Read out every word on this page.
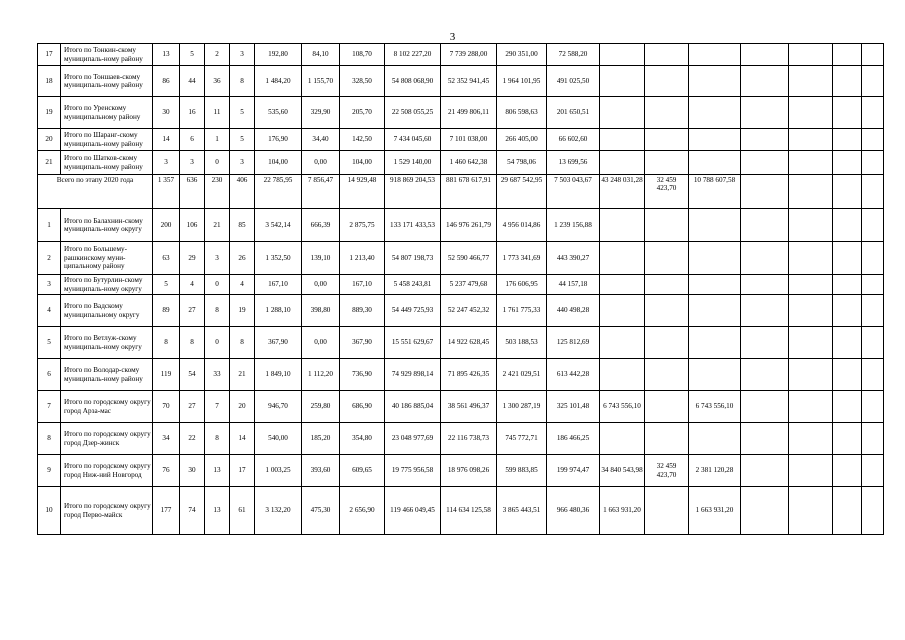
3
17	Итого по Тонкин-скому муниципаль-ному району	13	5	2	3	192,80	84,10	108,70	8 102 227,20	7 739 288,00	290 351,00	72 588,20							
18	Итого по Тоншаев-скому муниципаль-ному району	86	44	36	8	1 484,20	1 155,70	328,50	54 808 068,90	52 352 941,45	1 964 101,95	491 025,50							
19	Итого по Уренскому муниципальному району	30	16	11	5	535,60	329,90	205,70	22 508 055,25	21 499 806,11	806 598,63	201 650,51							
20	Итого по Шаранг-скому муниципаль-ному району	14	6	1	5	176,90	34,40	142,50	7 434 045,60	7 101 038,00	266 405,00	66 602,60							
21	Итого по Шатков-скому муниципаль-ному району	3	3	0	3	104,00	0,00	104,00	1 529 140,00	1 460 642,38	54 798,06	13 699,56							
Всего по этапу 2020 года		1 357	636	230	406	22 785,95	7 856,47	14 929,48	918 869 204,53	881 678 617,91	29 687 542,95	7 503 043,67	43 248 031,28	32 459 423,70	10 788 607,58				
1	Итого по Балахнин-скому муниципаль-ному округу	200	106	21	85	3 542,14	666,39	2 875,75	133 171 433,53	146 976 261,79	4 956 014,86	1 239 156,88							
2	Итого по Большему-рашкинскому муни-ципальному району	63	29	3	26	1 352,50	139,10	1 213,40	54 807 198,73	52 590 466,77	1 773 341,69	443 390,27							
3	Итого по Бутурлин-скому муниципаль-ному округу	5	4	0	4	167,10	0,00	167,10	5 458 243,81	5 237 479,68	176 606,95	44 157,18							
4	Итого по Вадскому муниципальному округу	89	27	8	19	1 288,10	398,80	889,30	54 449 725,93	52 247 452,32	1 761 775,33	440 498,28							
5	Итого по Ветлуж-скому муниципаль-ному округу	8	8	0	8	367,90	0,00	367,90	15 551 629,67	14 922 628,45	503 188,53	125 812,69							
6	Итого по Володар-скому муниципаль-ному району	119	54	33	21	1 849,10	1 112,20	736,90	74 929 898,14	71 895 426,35	2 421 029,51	613 442,28							
7	Итого по городскому округу город Арза-мас	70	27	7	20	946,70	259,80	686,90	40 186 885,04	38 561 496,37	1 300 287,19	325 101,48	6 743 556,10		6 743 556,10				
8	Итого по городскому округу город Дзер-жинск	34	22	8	14	540,00	185,20	354,80	23 048 977,69	22 116 738,73	745 772,71	186 466,25							
9	Итого по городскому округу город Ниж-ний Новгород	76	30	13	17	1 003,25	393,60	609,65	19 775 956,58	18 976 098,26	599 883,85	199 974,47	34 840 543,98	32 459 423,70	2 381 120,28				
10	Итого по городскому округу город Перво-майск	177	74	13	61	3 132,20	475,30	2 656,90	119 466 049,45	114 634 125,58	3 865 443,51	966 480,36	1 663 931,20		1 663 931,20				
